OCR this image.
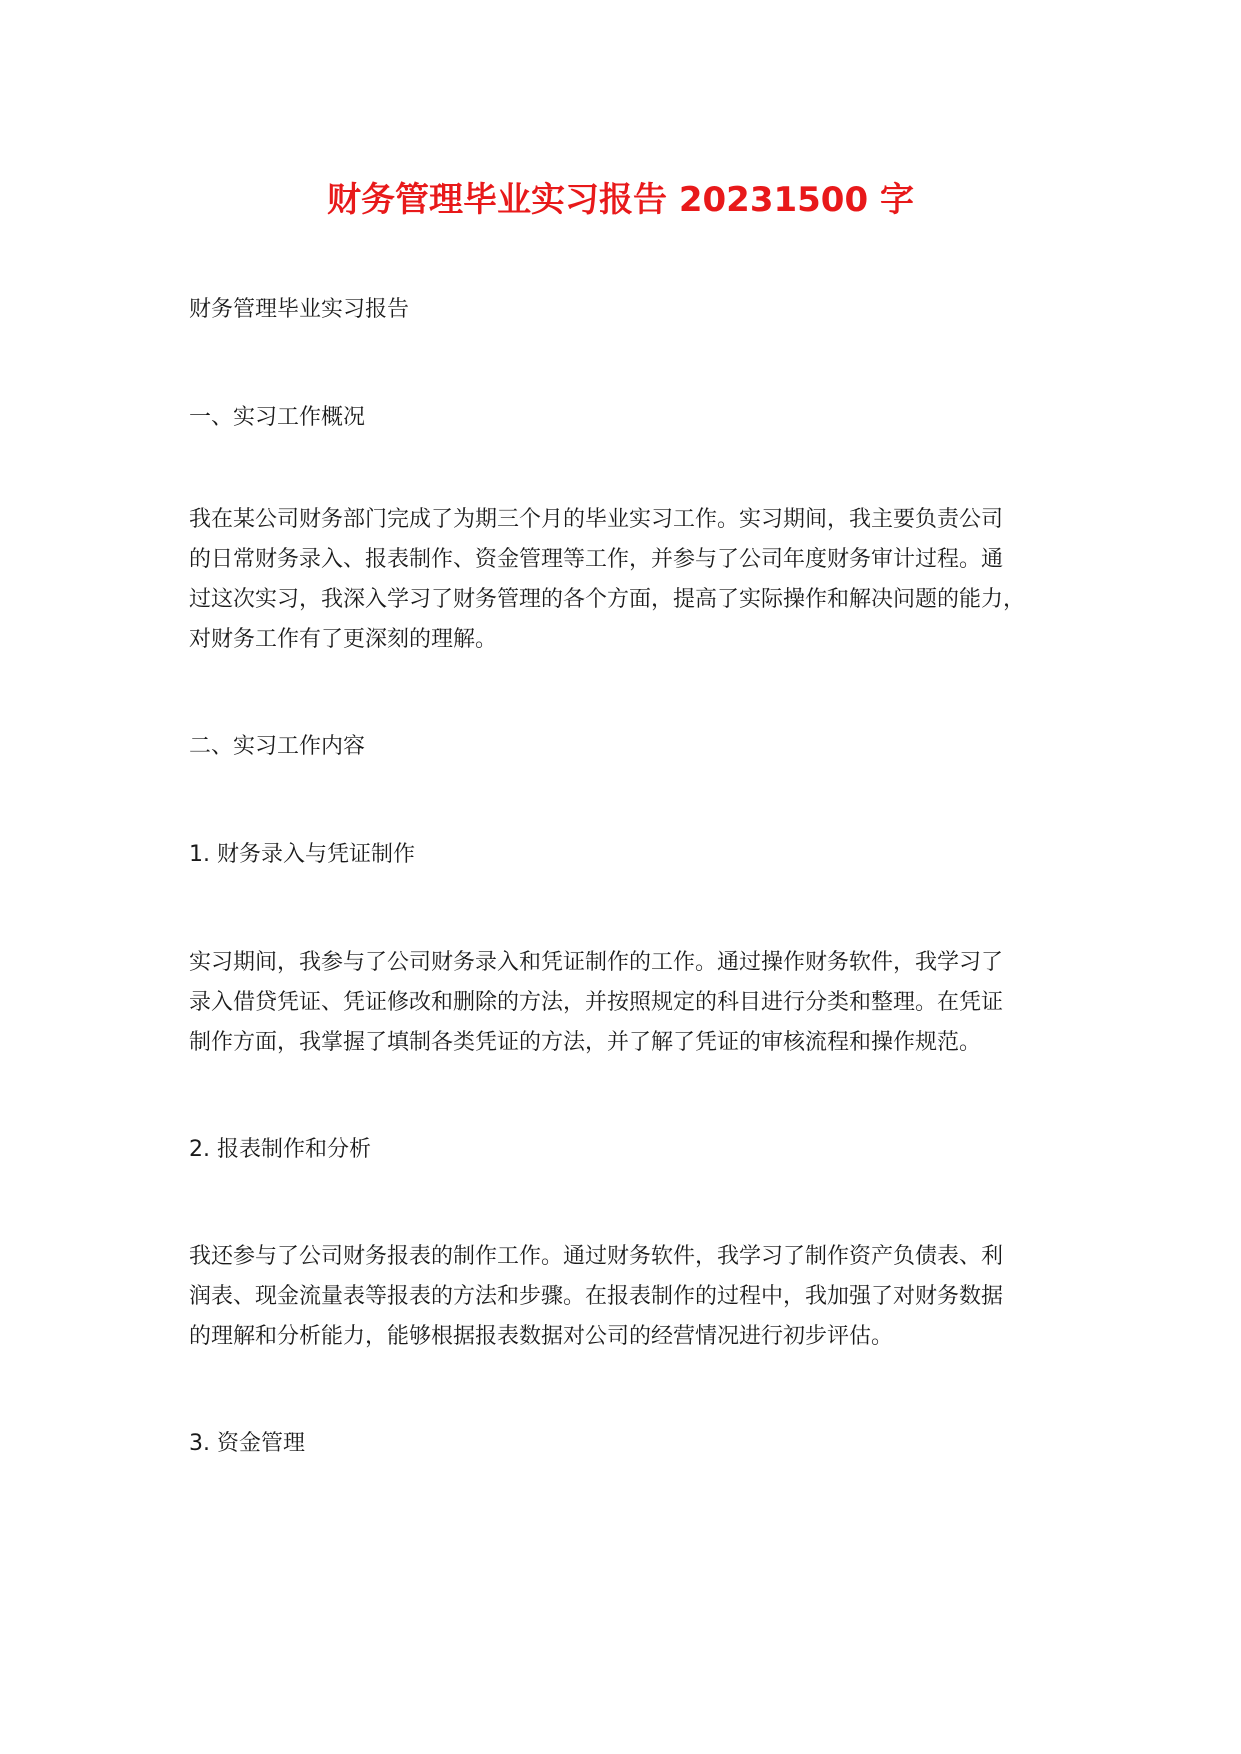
财务管理毕业实习报告 20231500 字
财务管理毕业实习报告
一、实习工作概况
我在某公司财务部门完成了为期三个月的毕业实习工作。实习期间，我主要负责公司
的日常财务录入、报表制作、资金管理等工作，并参与了公司年度财务审计过程。通
过这次实习，我深入学习了财务管理的各个方面，提高了实际操作和解决问题的能力，
对财务工作有了更深刻的理解。
二、实习工作内容
1. 财务录入与凭证制作
实习期间，我参与了公司财务录入和凭证制作的工作。通过操作财务软件，我学习了
录入借贷凭证、凭证修改和删除的方法，并按照规定的科目进行分类和整理。在凭证
制作方面，我掌握了填制各类凭证的方法，并了解了凭证的审核流程和操作规范。
2. 报表制作和分析
我还参与了公司财务报表的制作工作。通过财务软件，我学习了制作资产负债表、利
润表、现金流量表等报表的方法和步骤。在报表制作的过程中，我加强了对财务数据
的理解和分析能力，能够根据报表数据对公司的经营情况进行初步评估。
3. 资金管理
